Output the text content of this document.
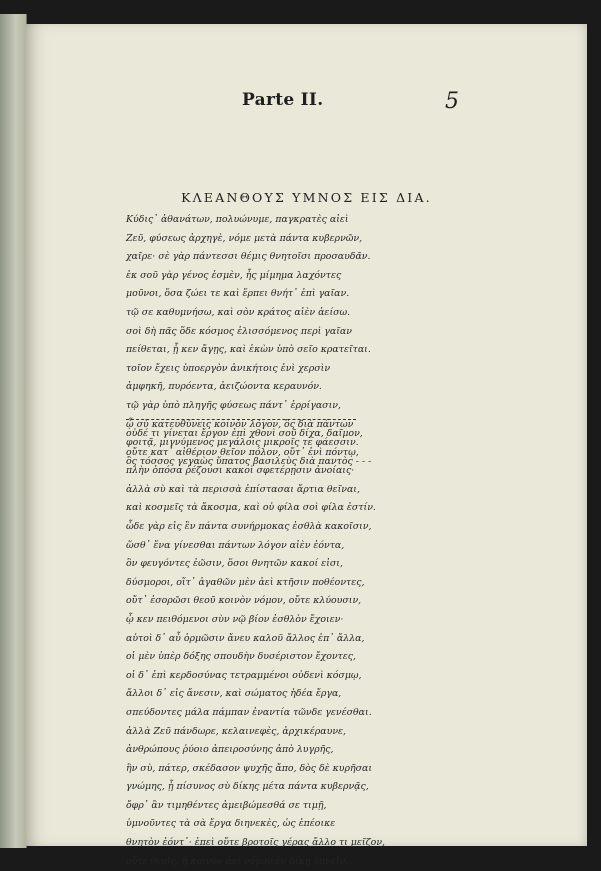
Parte II.	5
ΚΛΕΑΝΘΟΥΣ ΥΜΝΟΣ ΕΙΣ ΔΙΑ.
Κύδις᾽ ἀθανάτων, πολυώνυμε, παγκρατὲς αἰεὶ
Ζεῦ, φύσεως ἀρχηγὲ, νόμε μετὰ πάντα κυβερνῶν,
χαῖρε· σὲ γὰρ πάντεσσι θέμις θνητοῖσι προσαυδᾶν.
ἐκ σοῦ γὰρ γένος ἐσμὲν, ἦς μίμημα λαχόντες
μοῦνοι, ὅσα ζώει τε καὶ ἕρπει θνήτ᾽ ἐπὶ γαῖαν.
τῷ σε καθυμνήσω, καὶ σὸν κράτος αἰὲν ἀείσω.
σοὶ δὴ πᾶς ὅδε κόσμος ἑλισσόμενος περὶ γαῖαν
πείθεται, ᾗ κεν ἄγῃς, καὶ ἑκὼν ὑπὸ σεῖο κρατεῖται.
τοῖον ἔχεις ὑποεργὸν ἀνικήτοις ἐνὶ χερσὶν
ἀμφηκῆ, πυρόεντα, ἀειζώοντα κεραυνόν.
τῷ γὰρ ὑπὸ πληγῆς φύσεως πάντ᾽ ἐρρίγασιν,
ᾧ σὺ κατευθύνεις κοινὸν λόγον, ὃς διὰ πάντων
φοιτᾷ, μιγνύμενος μεγάλοις μικροῖς τε φάεσσιν.
ὃς τόσσος γεγαὼς ὕπατος βασιλεὺς διὰ παντὸς - - -
οὐδέ τι γίνεται ἔργον ἐπὶ χθονὶ σοῦ δίχα, δαῖμον,
οὔτε κατ᾽ αἰθέριον θεῖον πόλον, οὔτ᾽ ἐνὶ πόντῳ,
πλὴν ὁπόσα ῥέζουσι κακοὶ σφετέρῃσιν ἀνοίαις·
ἀλλὰ σὺ καὶ τὰ περισσὰ ἐπίστασαι ἄρτια θεῖναι,
καὶ κοσμεῖς τὰ ἄκοσμα, καὶ οὐ φίλα σοὶ φίλα ἐστίν.
ὧδε γὰρ εἰς ἓν πάντα συνήρμοκας ἐσθλὰ κακοῖσιν,
ὥσθ᾽ ἕνα γίνεσθαι πάντων λόγον αἰὲν ἐόντα,
ὃν φευγόντες ἐῶσιν, ὅσοι θνητῶν κακοί εἰσι,
δύσμοροι, οἵτ᾽ ἀγαθῶν μὲν ἀεὶ κτῆσιν ποθέοντες,
οὔτ᾽ ἐσορῶσι θεοῦ κοινὸν νόμον, οὔτε κλύουσιν,
ᾧ κεν πειθόμενοι σὺν νῷ βίον ἐσθλὸν ἔχοιεν·
αὐτοὶ δ᾽ αὖ ὁρμῶσιν ἄνευ καλοῦ ἄλλος ἐπ᾽ ἄλλα,
οἱ μὲν ὑπὲρ δόξης σπουδὴν δυσέριστον ἔχοντες,
οἱ δ᾽ ἐπὶ κερδοσύνας τετραμμένοι οὐδενὶ κόσμῳ,
ἄλλοι δ᾽ εἰς ἄνεσιν, καὶ σώματος ἡδέα ἔργα,
σπεύδοντες μάλα πάμπαν ἐναντία τῶνδε γενέσθαι.
ἀλλὰ Ζεῦ πάνδωρε, κελαινεφὲς, ἀρχικέραυνε,
ἀνθρώπους ῥύοιο ἀπειροσύνης ἀπὸ λυγρῆς,
ἣν σὺ, πάτερ, σκέδασον ψυχῆς ἄπο, δὸς δὲ κυρῆσαι
γνώμης, ᾗ πίσυνος σὺ δίκης μέτα πάντα κυβερνᾷς,
ὄφρ᾽ ἂν τιμηθέντες ἀμειβώμεσθά σε τιμῇ,
ὑμνοῦντες τὰ σὰ ἔργα διηνεκὲς, ὡς ἐπέοικε
θνητὸν ἐόντ᾽· ἐπεὶ οὔτε βροτοῖς γέρας ἄλλο τι μεῖζον,
οὔτε θεοῖς, ἢ κοινὸν ἀεὶ νόμον ἐν δίκῃ ὑμνεῖν.
